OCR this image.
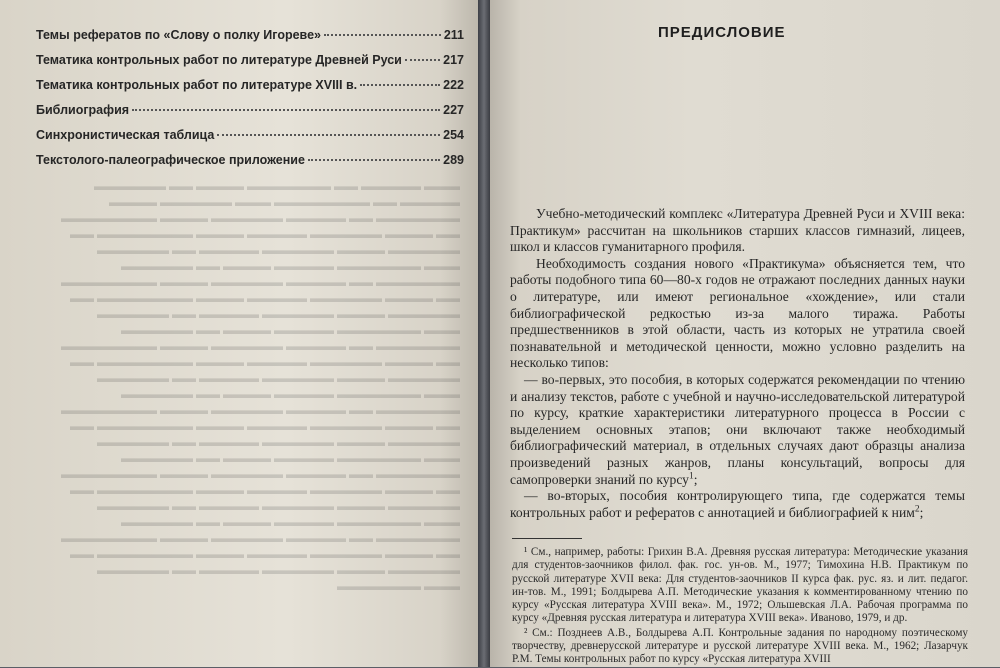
▬▬▬ ▬▬▬▬▬ ▬▬ ▬▬▬▬▬▬▬ ▬▬▬▬ ▬▬ ▬▬▬▬▬▬ ▬▬▬▬▬ ▬▬ ▬▬▬▬▬▬▬▬ ▬▬▬ ▬▬▬▬▬▬ ▬▬▬▬ ▬▬▬▬▬▬▬ ▬▬ ▬▬▬▬▬ ▬▬▬▬▬▬ ▬▬▬▬ ▬▬▬▬▬▬▬▬ ▬▬ ▬▬▬▬ ▬▬▬▬▬▬ ▬▬▬▬▬ ▬▬▬▬ ▬▬▬▬▬▬▬▬ ▬▬ ▬▬▬▬▬▬ ▬▬▬▬ ▬▬▬▬▬▬ ▬▬▬▬▬ ▬▬ ▬▬▬▬▬▬ ▬▬▬ ▬▬▬▬▬▬▬ ▬▬▬▬▬ ▬▬▬▬ ▬▬ ▬▬▬▬▬▬ ▬▬▬▬▬▬▬ ▬▬ ▬▬▬▬▬ ▬▬▬▬▬▬ ▬▬▬▬ ▬▬▬▬▬▬▬▬ ▬▬ ▬▬▬▬ ▬▬▬▬▬▬ ▬▬▬▬▬ ▬▬▬▬ ▬▬▬▬▬▬▬▬ ▬▬ ▬▬▬▬▬▬ ▬▬▬▬ ▬▬▬▬▬▬ ▬▬▬▬▬ ▬▬ ▬▬▬▬▬▬ ▬▬▬ ▬▬▬▬▬▬▬ ▬▬▬▬▬ ▬▬▬▬ ▬▬ ▬▬▬▬▬▬ ▬▬▬▬▬▬▬ ▬▬ ▬▬▬▬▬ ▬▬▬▬▬▬ ▬▬▬▬ ▬▬▬▬▬▬▬▬ ▬▬ ▬▬▬▬ ▬▬▬▬▬▬ ▬▬▬▬▬ ▬▬▬▬ ▬▬▬▬▬▬▬▬ ▬▬ ▬▬▬▬▬▬ ▬▬▬▬ ▬▬▬▬▬▬ ▬▬▬▬▬ ▬▬ ▬▬▬▬▬▬ ▬▬▬ ▬▬▬▬▬▬▬ ▬▬▬▬▬ ▬▬▬▬ ▬▬ ▬▬▬▬▬▬ ▬▬▬▬▬▬▬ ▬▬ ▬▬▬▬▬ ▬▬▬▬▬▬ ▬▬▬▬ ▬▬▬▬▬▬▬▬ ▬▬ ▬▬▬▬ ▬▬▬▬▬▬ ▬▬▬▬▬ ▬▬▬▬ ▬▬▬▬▬▬▬▬ ▬▬ ▬▬▬▬▬▬ ▬▬▬▬ ▬▬▬▬▬▬ ▬▬▬▬▬ ▬▬ ▬▬▬▬▬▬ ▬▬▬ ▬▬▬▬▬▬▬ ▬▬▬▬▬ ▬▬▬▬ ▬▬ ▬▬▬▬▬▬ ▬▬▬▬▬▬▬ ▬▬ ▬▬▬▬▬ ▬▬▬▬▬▬ ▬▬▬▬ ▬▬▬▬▬▬▬▬ ▬▬ ▬▬▬▬ ▬▬▬▬▬▬ ▬▬▬▬▬ ▬▬▬▬ ▬▬▬▬▬▬▬▬ ▬▬ ▬▬▬▬▬▬ ▬▬▬▬ ▬▬▬▬▬▬ ▬▬▬▬▬ ▬▬ ▬▬▬▬▬▬ ▬▬▬ ▬▬▬▬▬▬▬ ▬▬▬▬▬ ▬▬▬▬ ▬▬ ▬▬▬▬▬▬ ▬▬▬▬▬▬▬ ▬▬ ▬▬▬▬▬ ▬▬▬▬▬▬ ▬▬▬▬ ▬▬▬▬▬▬▬▬ ▬▬ ▬▬▬▬ ▬▬▬▬▬▬ ▬▬▬▬▬ ▬▬▬▬ ▬▬▬▬▬▬▬▬ ▬▬ ▬▬▬▬▬▬ ▬▬▬▬ ▬▬▬▬▬▬ ▬▬▬▬▬ ▬▬ ▬▬▬▬▬▬ ▬▬▬ ▬▬▬▬▬▬▬
Темы рефератов по «Слову о полку Игореве»	211
Тематика контрольных работ по литературе Древней Руси	217
Тематика контрольных работ по литературе XVIII в.	222
Библиография	227
Синхронистическая таблица	254
Текстолого-палеографическое приложение	289
ПРЕДИСЛОВИЕ

Учебно-методический комплекс «Литература Древней Руси и XVIII века: Практикум» рассчитан на школьников старших классов гимназий, лицеев, школ и классов гуманитарного профиля.

Необходимость создания нового «Практикума» объясняется тем, что работы подобного типа 60—80-х годов не отражают последних данных науки о литературе, или имеют региональное «хождение», или стали библиографической редкостью из-за малого тиража. Работы предшественников в этой области, часть из которых не утратила своей познавательной и методической ценности, можно условно разделить на несколько типов:

— во-первых, это пособия, в которых содержатся рекомендации по чтению и анализу текстов, работе с учебной и научно-исследовательской литературой по курсу, краткие характеристики литературного процесса в России с выделением основных этапов; они включают также необходимый библиографический материал, в отдельных случаях дают образцы анализа произведений разных жанров, планы консультаций, вопросы для самопроверки знаний по курсу$^1$;

— во-вторых, пособия контролирующего типа, где содержатся темы контрольных работ и рефератов с аннотацией и библиографией к ним$^2$;

¹ См., например, работы: Грихин В.А. Древняя русская литература: Методические указания для студентов-заочников филол. фак. гос. ун-ов. М., 1977; Тимохина Н.В. Практикум по русской литературе XVII века: Для студентов-заочников II курса фак. рус. яз. и лит. педагог. ин-тов. М., 1991; Болдырева А.П. Методические указания к комментированному чтению по курсу «Русская литература XVIII века». М., 1972; Ольшевская Л.А. Рабочая программа по курсу «Древняя русская литература и литература XVIII века». Иваново, 1979, и др.

² См.: Позднеев А.В., Болдырева А.П. Контрольные задания по народному поэтическому творчеству, древнерусской литературе и русской литературе XVIII века. М., 1962; Лазарчук Р.М. Темы контрольных работ по курсу «Русская литература XVIII
